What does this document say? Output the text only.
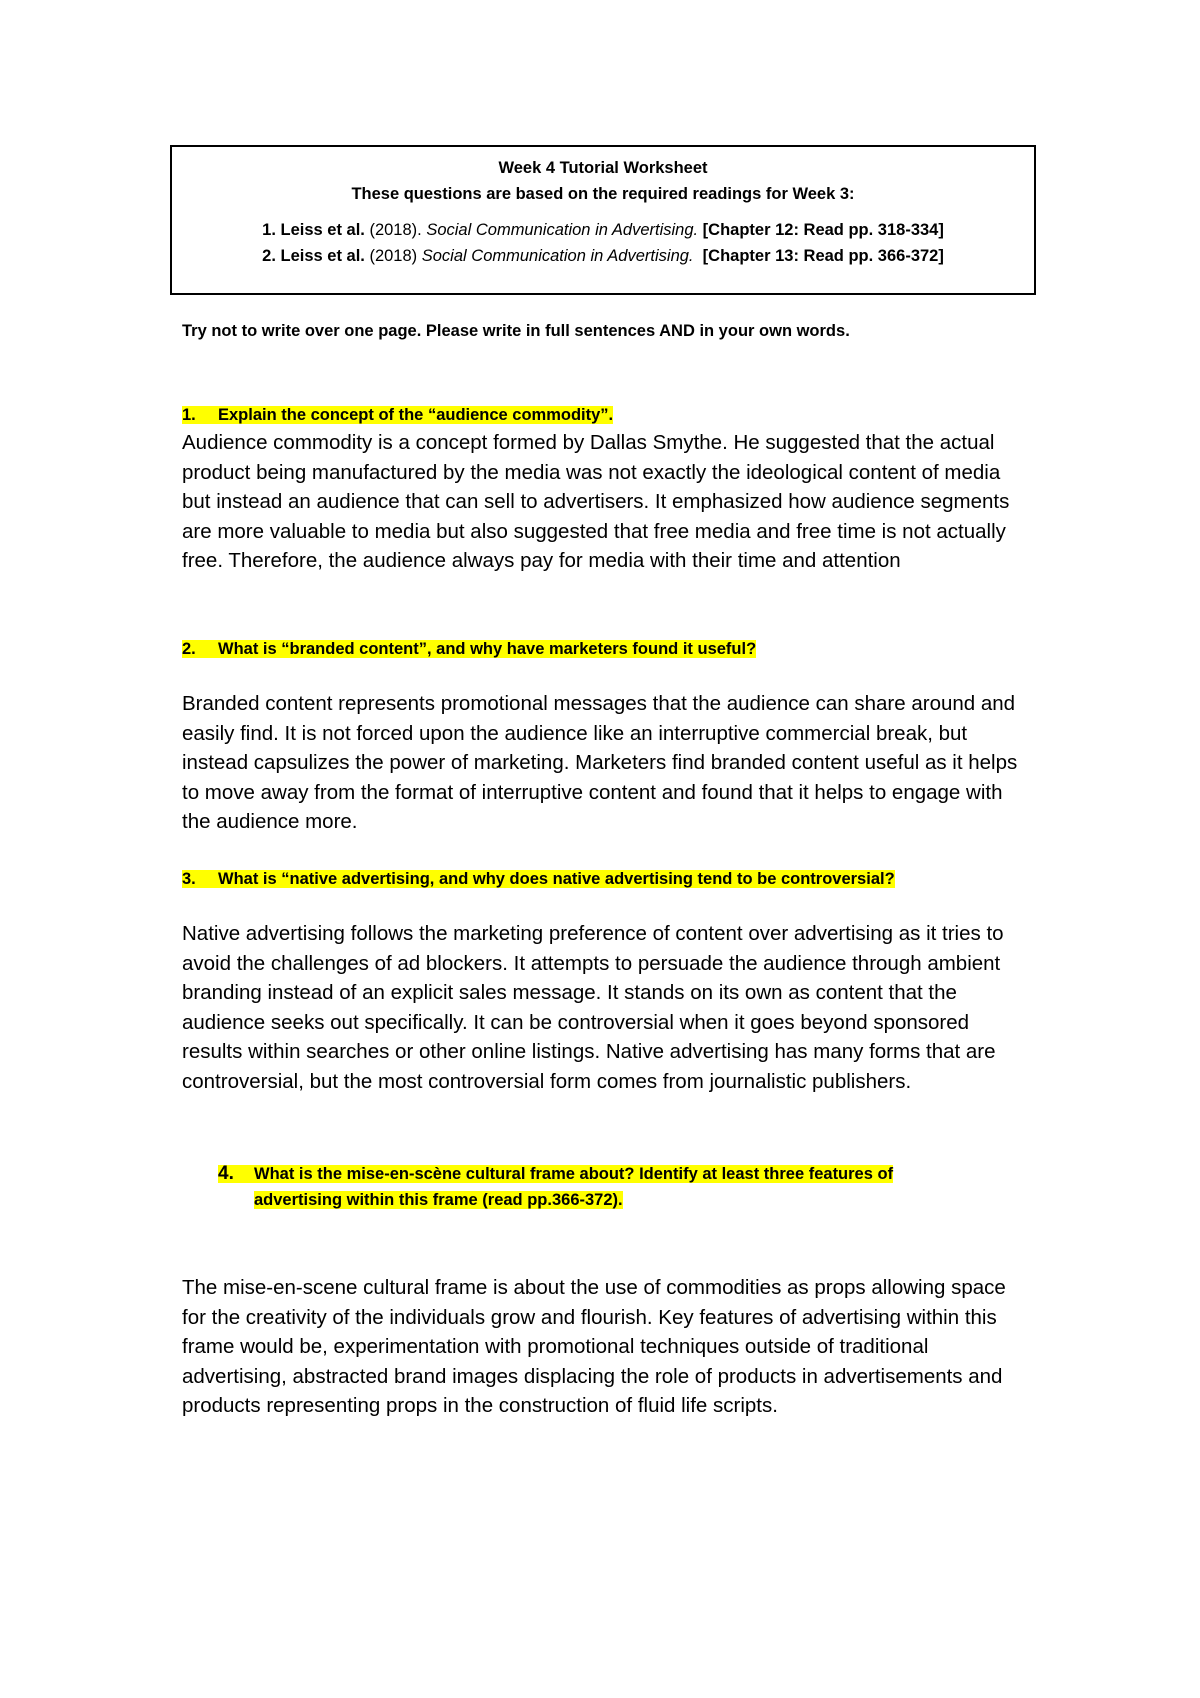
Week 4 Tutorial Worksheet
These questions are based on the required readings for Week 3:
1. Leiss et al. (2018). Social Communication in Advertising. [Chapter 12: Read pp. 318-334]
2. Leiss et al. (2018) Social Communication in Advertising.  [Chapter 13: Read pp. 366-372]
Try not to write over one page. Please write in full sentences AND in your own words.
1. Explain the concept of the “audience commodity”.
Audience commodity is a concept formed by Dallas Smythe. He suggested that the actual product being manufactured by the media was not exactly the ideological content of media but instead an audience that can sell to advertisers. It emphasized how audience segments are more valuable to media but also suggested that free media and free time is not actually free. Therefore, the audience always pay for media with their time and attention
2. What is “branded content”, and why have marketers found it useful?
Branded content represents promotional messages that the audience can share around and easily find. It is not forced upon the audience like an interruptive commercial break, but instead capsulizes the power of marketing. Marketers find branded content useful as it helps to move away from the format of interruptive content and found that it helps to engage with the audience more.
3. What is “native advertising, and why does native advertising tend to be controversial?
Native advertising follows the marketing preference of content over advertising as it tries to avoid the challenges of ad blockers. It attempts to persuade the audience through ambient branding instead of an explicit sales message. It stands on its own as content that the audience seeks out specifically. It can be controversial when it goes beyond sponsored results within searches or other online listings. Native advertising has many forms that are controversial, but the most controversial form comes from journalistic publishers.
4. What is the mise-en-scène cultural frame about? Identify at least three features of
advertising within this frame (read pp.366-372).
The mise-en-scene cultural frame is about the use of commodities as props allowing space for the creativity of the individuals grow and flourish. Key features of advertising within this frame would be, experimentation with promotional techniques outside of traditional advertising, abstracted brand images displacing the role of products in advertisements and products representing props in the construction of fluid life scripts.
